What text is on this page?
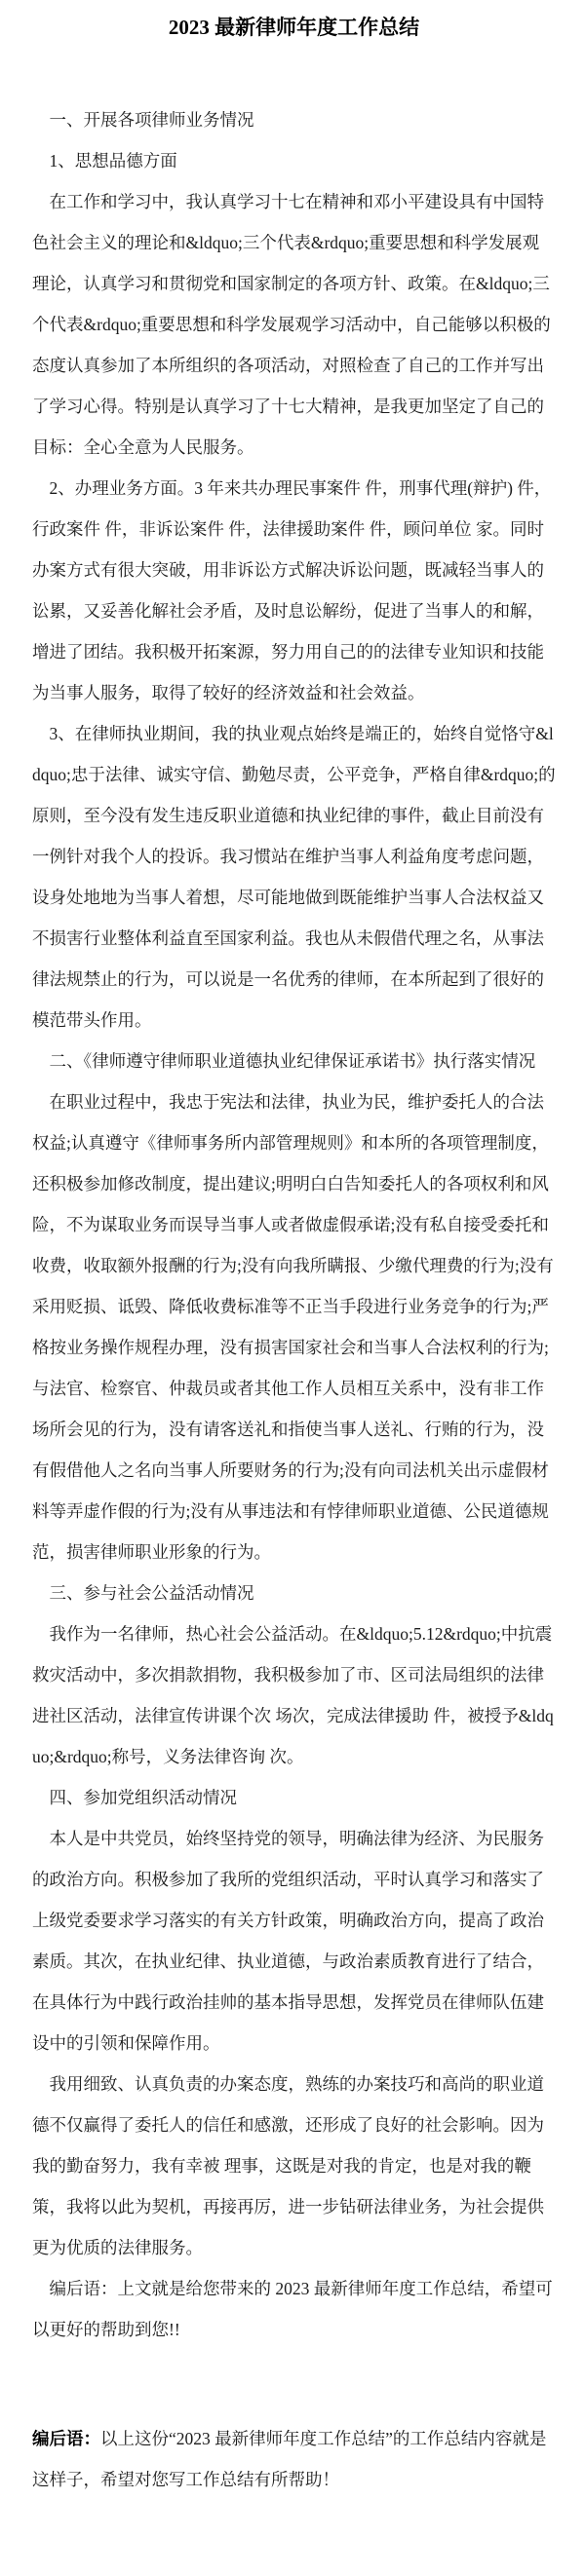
2023 最新律师年度工作总结

一、开展各项律师业务情况

1、思想品德方面

在工作和学习中，我认真学习十七在精神和邓小平建设具有中国特色社会主义的理论和&ldquo;三个代表&rdquo;重要思想和科学发展观理论，认真学习和贯彻党和国家制定的各项方针、政策。在&ldquo;三个代表&rdquo;重要思想和科学发展观学习活动中，自己能够以积极的态度认真参加了本所组织的各项活动，对照检查了自己的工作并写出了学习心得。特别是认真学习了十七大精神，是我更加坚定了自己的目标：全心全意为人民服务。

2、办理业务方面。3 年来共办理民事案件 件，刑事代理(辩护) 件，行政案件 件，非诉讼案件 件，法律援助案件 件，顾问单位 家。同时办案方式有很大突破，用非诉讼方式解决诉讼问题，既减轻当事人的讼累，又妥善化解社会矛盾，及时息讼解纷，促进了当事人的和解，增进了团结。我积极开拓案源，努力用自己的的法律专业知识和技能为当事人服务，取得了较好的经济效益和社会效益。

3、在律师执业期间，我的执业观点始终是端正的，始终自觉恪守&ldquo;忠于法律、诚实守信、勤勉尽责，公平竞争，严格自律&rdquo;的原则，至今没有发生违反职业道德和执业纪律的事件，截止目前没有一例针对我个人的投诉。我习惯站在维护当事人利益角度考虑问题，设身处地地为当事人着想，尽可能地做到既能维护当事人合法权益又不损害行业整体利益直至国家利益。我也从未假借代理之名，从事法律法规禁止的行为，可以说是一名优秀的律师，在本所起到了很好的模范带头作用。

二、《律师遵守律师职业道德执业纪律保证承诺书》执行落实情况

在职业过程中，我忠于宪法和法律，执业为民，维护委托人的合法权益;认真遵守《律师事务所内部管理规则》和本所的各项管理制度，还积极参加修改制度，提出建议;明明白白告知委托人的各项权利和风险，不为谋取业务而误导当事人或者做虚假承诺;没有私自接受委托和收费，收取额外报酬的行为;没有向我所瞒报、少缴代理费的行为;没有采用贬损、诋毁、降低收费标准等不正当手段进行业务竞争的行为;严格按业务操作规程办理，没有损害国家社会和当事人合法权利的行为;与法官、检察官、仲裁员或者其他工作人员相互关系中，没有非工作场所会见的行为，没有请客送礼和指使当事人送礼、行贿的行为，没有假借他人之名向当事人所要财务的行为;没有向司法机关出示虚假材料等弄虚作假的行为;没有从事违法和有悖律师职业道德、公民道德规范，损害律师职业形象的行为。

三、参与社会公益活动情况

我作为一名律师，热心社会公益活动。在&ldquo;5.12&rdquo;中抗震救灾活动中，多次捐款捐物，我积极参加了市、区司法局组织的法律进社区活动，法律宣传讲课个次 场次，完成法律援助 件，被授予&ldquo;&rdquo;称号，义务法律咨询 次。

四、参加党组织活动情况

本人是中共党员，始终坚持党的领导，明确法律为经济、为民服务的政治方向。积极参加了我所的党组织活动，平时认真学习和落实了上级党委要求学习落实的有关方针政策，明确政治方向，提高了政治素质。其次，在执业纪律、执业道德，与政治素质教育进行了结合，在具体行为中践行政治挂帅的基本指导思想，发挥党员在律师队伍建设中的引领和保障作用。

我用细致、认真负责的办案态度，熟练的办案技巧和高尚的职业道德不仅赢得了委托人的信任和感激，还形成了良好的社会影响。因为我的勤奋努力，我有幸被 理事，这既是对我的肯定，也是对我的鞭策，我将以此为契机，再接再厉，进一步钻研法律业务，为社会提供更为优质的法律服务。

编后语：上文就是给您带来的 2023 最新律师年度工作总结，希望可以更好的帮助到您!!

编后语：以上这份“2023 最新律师年度工作总结”的工作总结内容就是这样子，希望对您写工作总结有所帮助！
